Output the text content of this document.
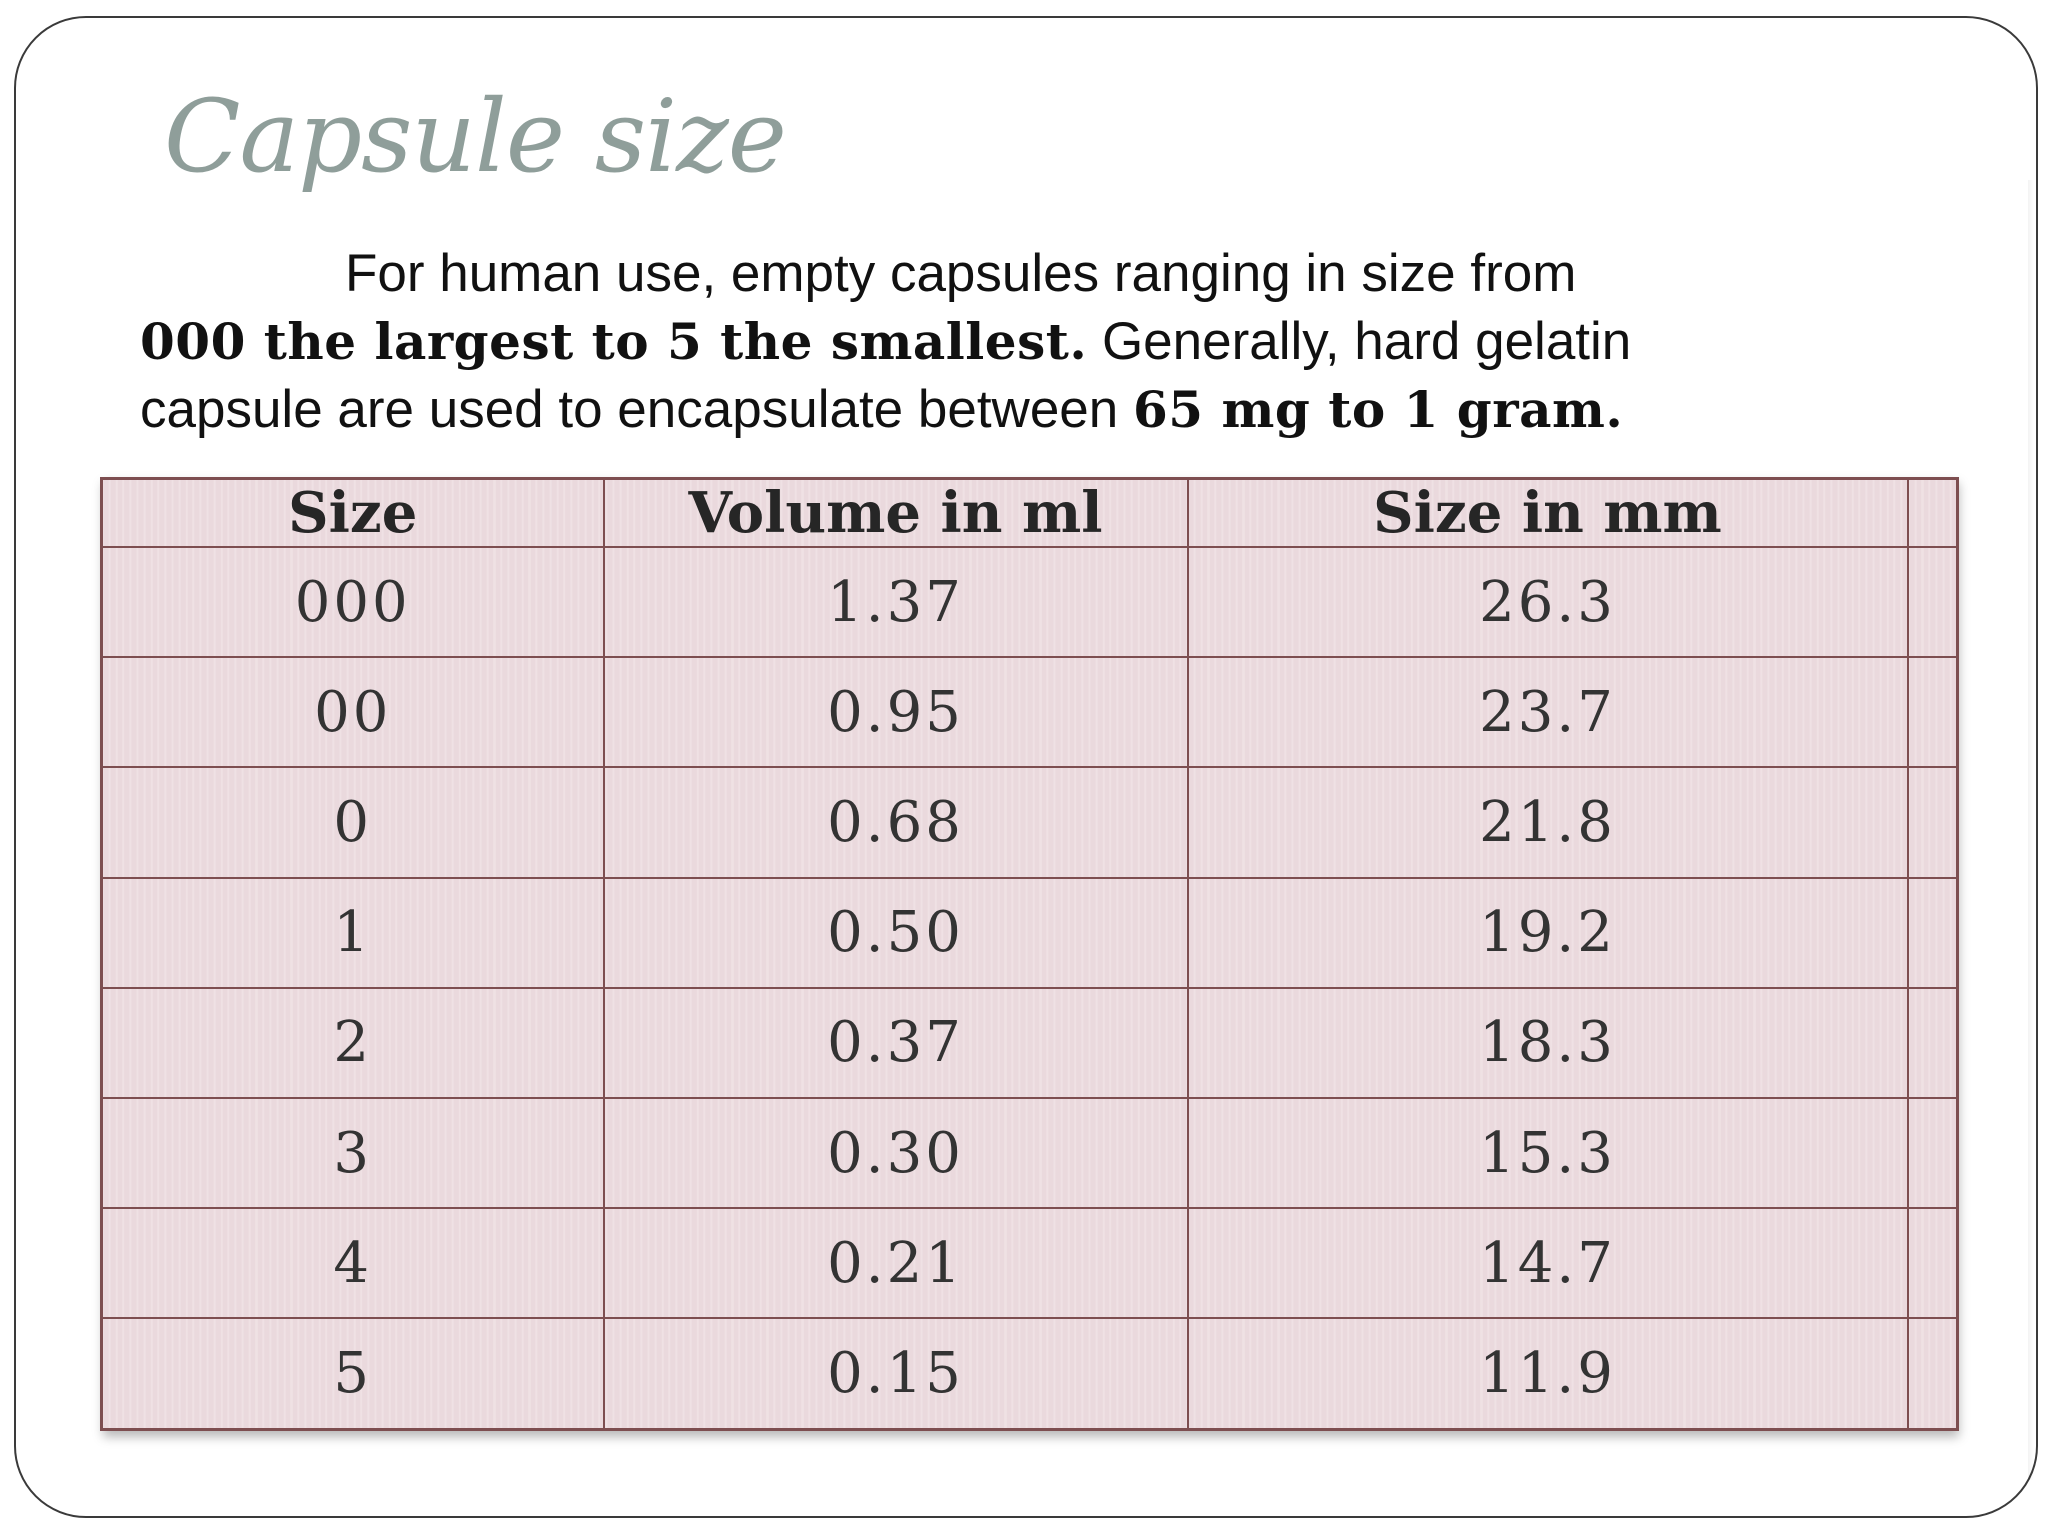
Capsule size
For human use, empty capsules ranging in size from
000 the largest to 5 the smallest. Generally, hard gelatin
capsule are used to encapsulate between 65 mg to 1 gram.
Size	Volume in ml	Size in mm	
000	1.37	26.3	
00	0.95	23.7	
0	0.68	21.8	
1	0.50	19.2	
2	0.37	18.3	
3	0.30	15.3	
4	0.21	14.7	
5	0.15	11.9	
